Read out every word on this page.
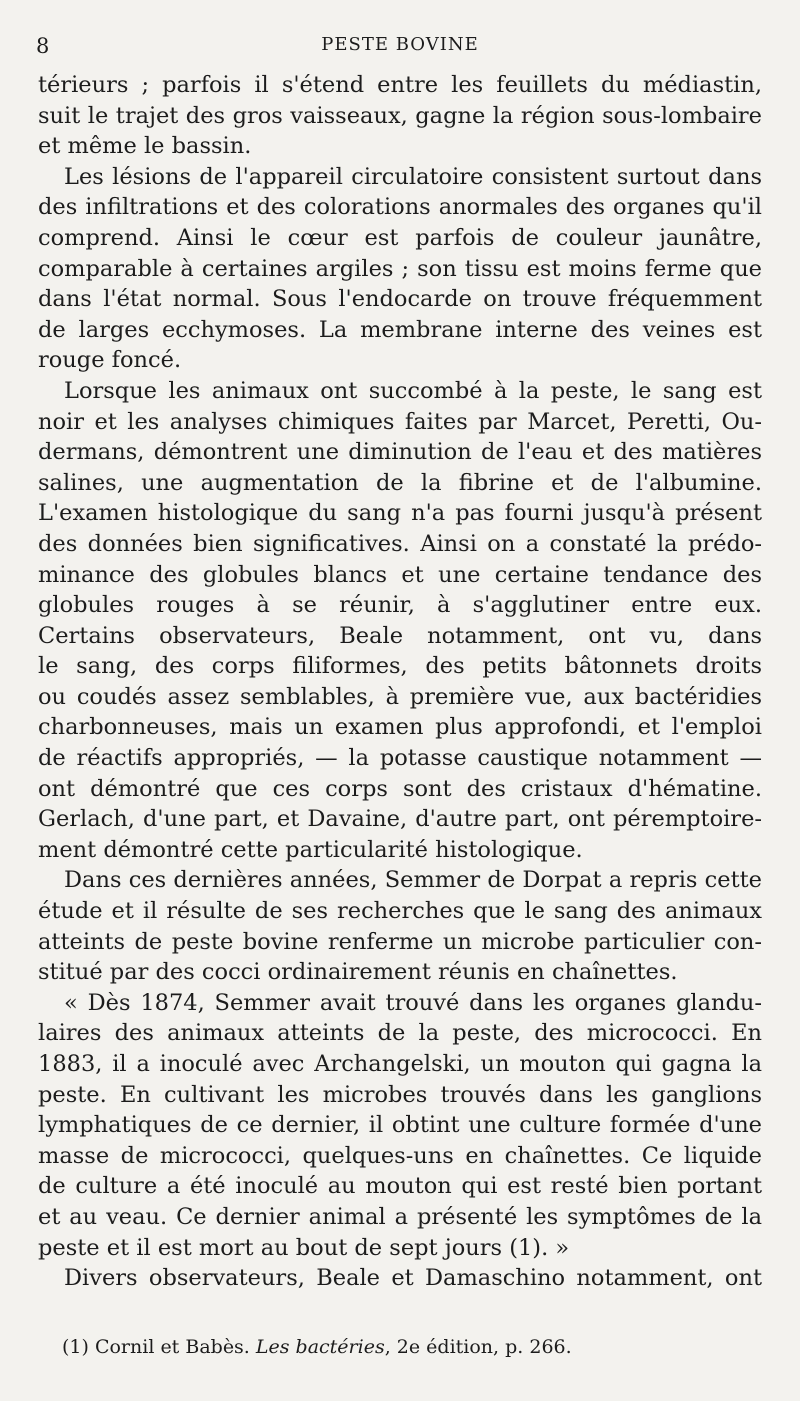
8	PESTE BOVINE
térieurs ; parfois il s'étend entre les feuillets du médiastin,
suit le trajet des gros vaisseaux, gagne la région sous-lombaire
et même le bassin.
Les lésions de l'appareil circulatoire consistent surtout dans
des infiltrations et des colorations anormales des organes qu'il
comprend. Ainsi le cœur est parfois de couleur jaunâtre,
comparable à certaines argiles ; son tissu est moins ferme que
dans l'état normal. Sous l'endocarde on trouve fréquemment
de larges ecchymoses. La membrane interne des veines est
rouge foncé.
Lorsque les animaux ont succombé à la peste, le sang est
noir et les analyses chimiques faites par Marcet, Peretti, Ou-
dermans, démontrent une diminution de l'eau et des matières
salines, une augmentation de la fibrine et de l'albumine.
L'examen histologique du sang n'a pas fourni jusqu'à présent
des données bien significatives. Ainsi on a constaté la prédo-
minance des globules blancs et une certaine tendance des
globules rouges à se réunir, à s'agglutiner entre eux.
Certains observateurs, Beale notamment, ont vu, dans
le sang, des corps filiformes, des petits bâtonnets droits
ou coudés assez semblables, à première vue, aux bactéridies
charbonneuses, mais un examen plus approfondi, et l'emploi
de réactifs appropriés, — la potasse caustique notamment —
ont démontré que ces corps sont des cristaux d'hématine.
Gerlach, d'une part, et Davaine, d'autre part, ont péremptoire-
ment démontré cette particularité histologique.
Dans ces dernières années, Semmer de Dorpat a repris cette
étude et il résulte de ses recherches que le sang des animaux
atteints de peste bovine renferme un microbe particulier con-
stitué par des cocci ordinairement réunis en chaînettes.
« Dès 1874, Semmer avait trouvé dans les organes glandu-
laires des animaux atteints de la peste, des micrococci. En
1883, il a inoculé avec Archangelski, un mouton qui gagna la
peste. En cultivant les microbes trouvés dans les ganglions
lymphatiques de ce dernier, il obtint une culture formée d'une
masse de micrococci, quelques-uns en chaînettes. Ce liquide
de culture a été inoculé au mouton qui est resté bien portant
et au veau. Ce dernier animal a présenté les symptômes de la
peste et il est mort au bout de sept jours (1). »
Divers observateurs, Beale et Damaschino notamment, ont
(1) Cornil et Babès. Les bactéries, 2e édition, p. 266.
